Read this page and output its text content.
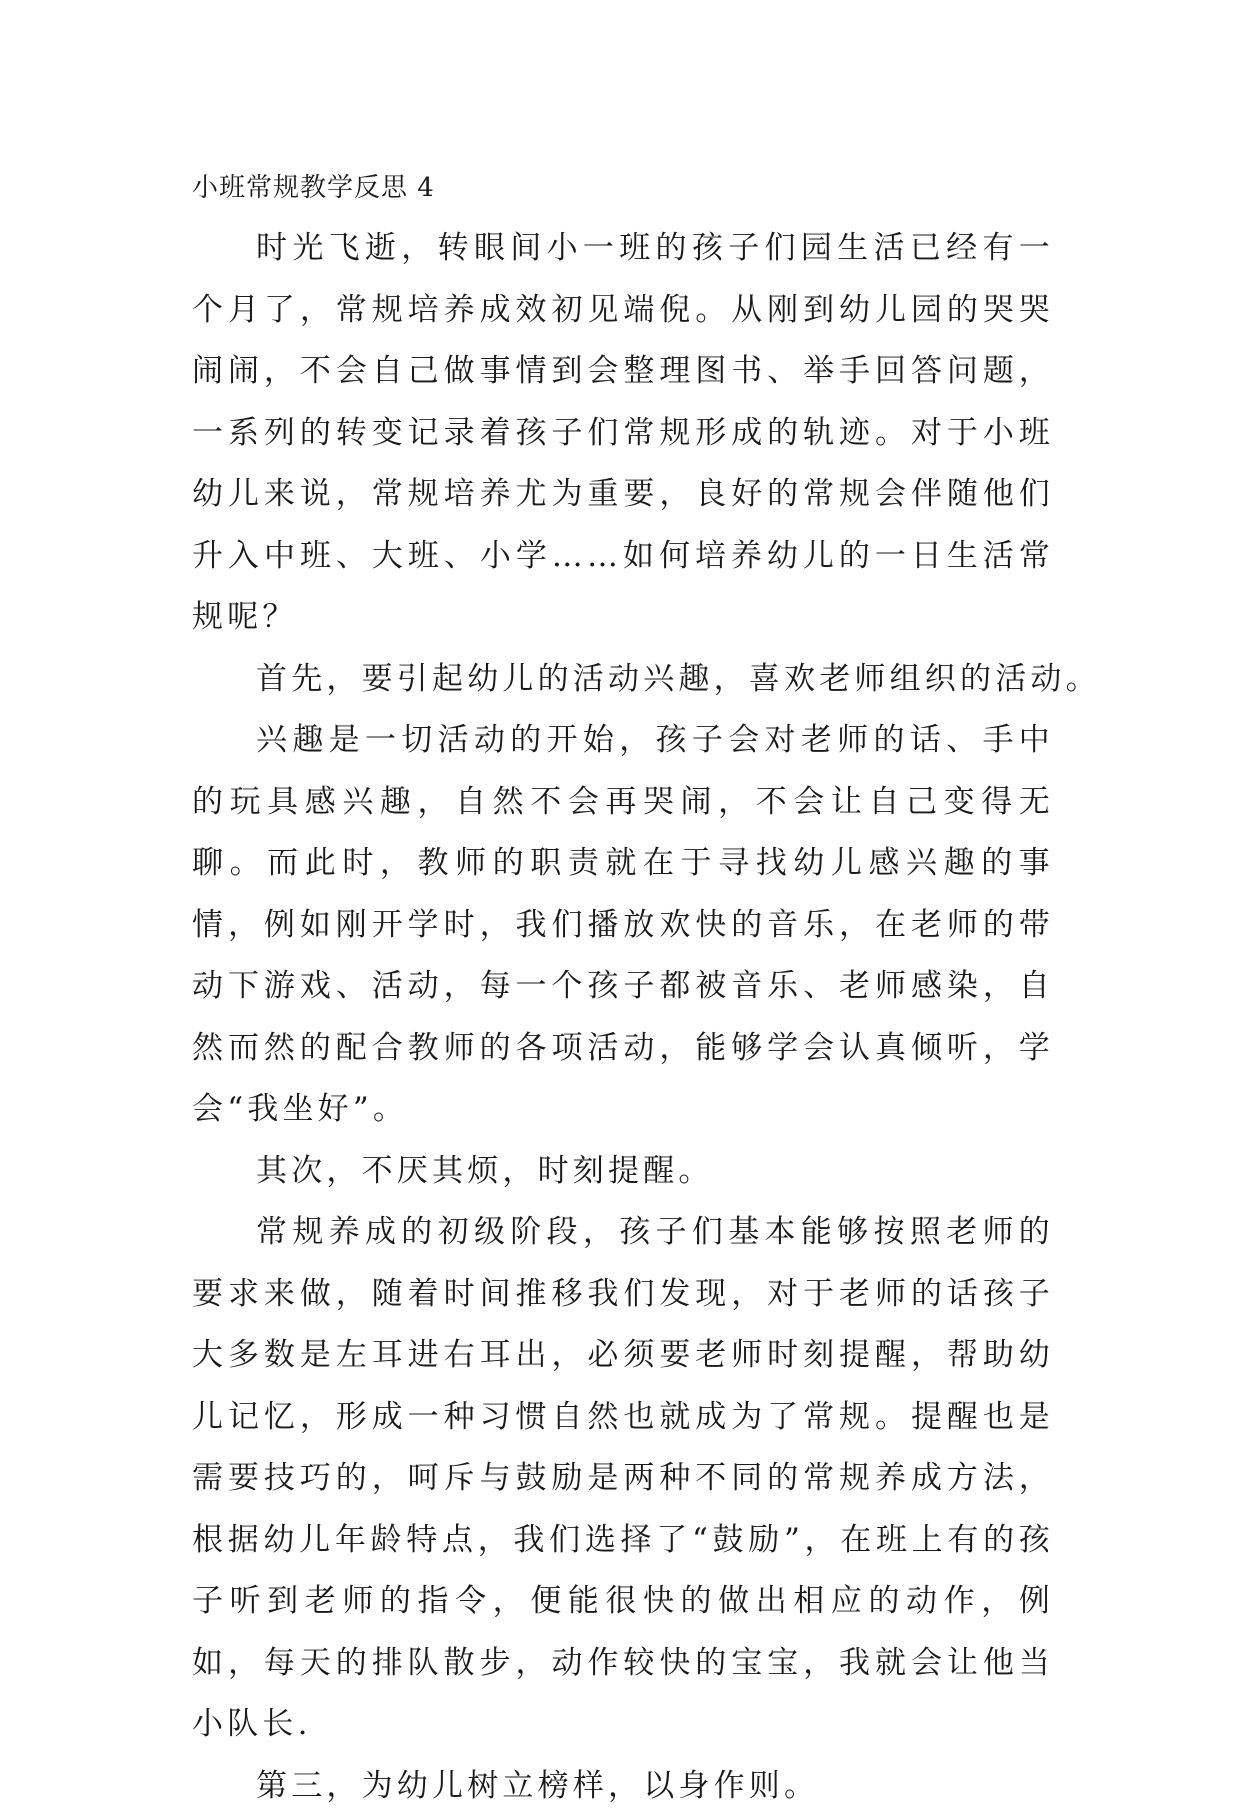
小班常规教学反思 4

时光飞逝，转眼间小一班的孩子们园生活已经有一个月了，常规培养成效初见端倪。从刚到幼儿园的哭哭闹闹，不会自己做事情到会整理图书、举手回答问题，一系列的转变记录着孩子们常规形成的轨迹。对于小班幼儿来说，常规培养尤为重要，良好的常规会伴随他们升入中班、大班、小学……如何培养幼儿的一日生活常规呢？

首先，要引起幼儿的活动兴趣，喜欢老师组织的活动。

兴趣是一切活动的开始，孩子会对老师的话、手中的玩具感兴趣，自然不会再哭闹，不会让自己变得无聊。而此时，教师的职责就在于寻找幼儿感兴趣的事情，例如刚开学时，我们播放欢快的音乐，在老师的带动下游戏、活动，每一个孩子都被音乐、老师感染，自然而然的配合教师的各项活动，能够学会认真倾听，学会“我坐好”。

其次，不厌其烦，时刻提醒。

常规养成的初级阶段，孩子们基本能够按照老师的要求来做，随着时间推移我们发现，对于老师的话孩子大多数是左耳进右耳出，必须要老师时刻提醒，帮助幼儿记忆，形成一种习惯自然也就成为了常规。提醒也是需要技巧的，呵斥与鼓励是两种不同的常规养成方法，根据幼儿年龄特点，我们选择了“鼓励”，在班上有的孩子听到老师的指令，便能很快的做出相应的动作，例如，每天的排队散步，动作较快的宝宝，我就会让他当小队长.

第三，为幼儿树立榜样，以身作则。
